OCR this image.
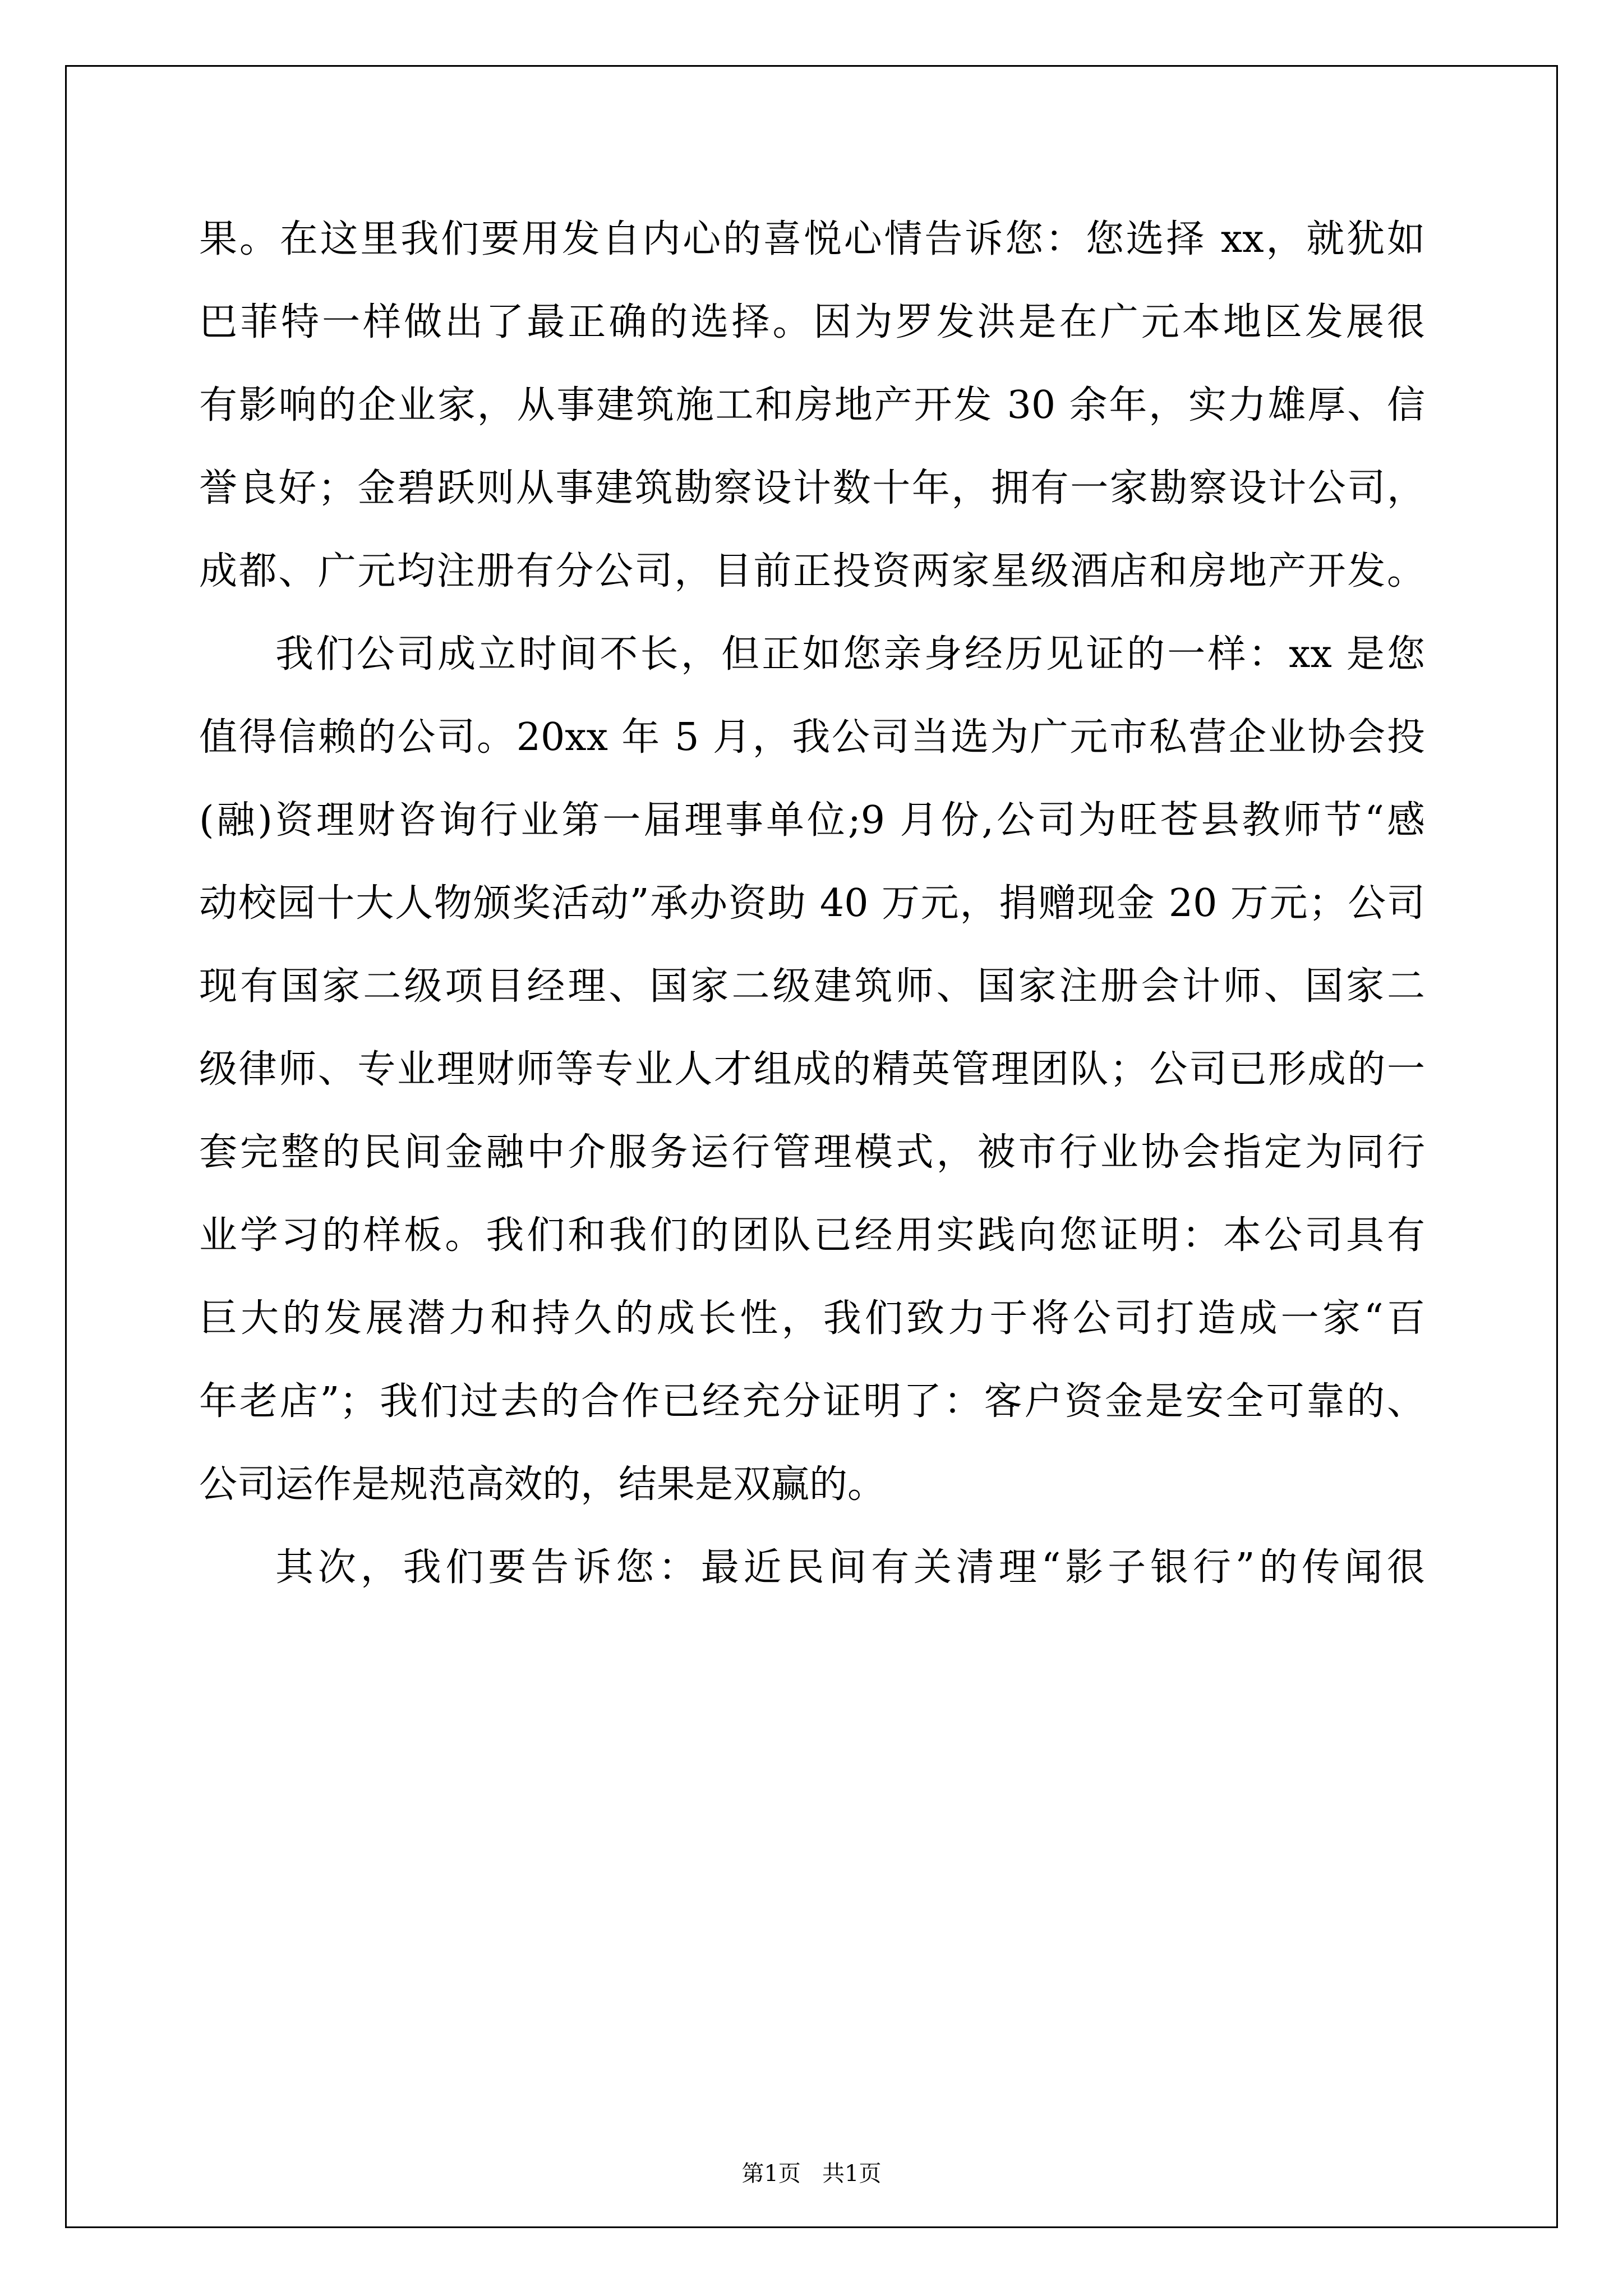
果。在这里我们要用发自内心的喜悦心情告诉您：您选择 xx，就犹如
巴菲特一样做出了最正确的选择。因为罗发洪是在广元本地区发展很
有影响的企业家，从事建筑施工和房地产开发 30 余年，实力雄厚、信
誉良好；金碧跃则从事建筑勘察设计数十年，拥有一家勘察设计公司，
成都、广元均注册有分公司，目前正投资两家星级酒店和房地产开发。
我们公司成立时间不长，但正如您亲身经历见证的一样：xx 是您
值得信赖的公司。20xx 年 5 月，我公司当选为广元市私营企业协会投
(融)资理财咨询行业第一届理事单位;9 月份,公司为旺苍县教师节“感
动校园十大人物颁奖活动”承办资助 40 万元，捐赠现金 20 万元；公司
现有国家二级项目经理、国家二级建筑师、国家注册会计师、国家二
级律师、专业理财师等专业人才组成的精英管理团队；公司已形成的一
套完整的民间金融中介服务运行管理模式，被市行业协会指定为同行
业学习的样板。我们和我们的团队已经用实践向您证明：本公司具有
巨大的发展潜力和持久的成长性，我们致力于将公司打造成一家“百
年老店”；我们过去的合作已经充分证明了：客户资金是安全可靠的、
公司运作是规范高效的，结果是双赢的。
其次，我们要告诉您：最近民间有关清理“影子银行”的传闻很
第1页   共1页
